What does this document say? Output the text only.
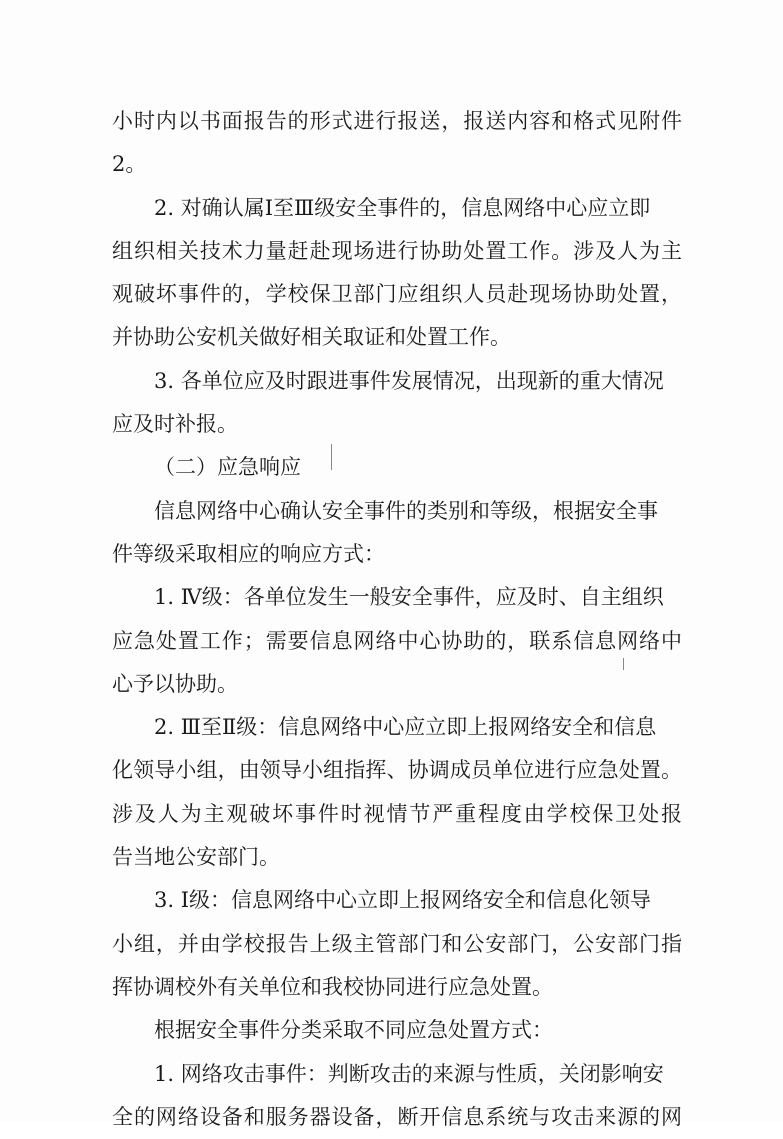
小时内以书面报告的形式进行报送，报送内容和格式见附件
2。
2. 对确认属Ⅰ至Ⅲ级安全事件的，信息网络中心应立即
组织相关技术力量赶赴现场进行协助处置工作。涉及人为主
观破坏事件的，学校保卫部门应组织人员赴现场协助处置，
并协助公安机关做好相关取证和处置工作。
3. 各单位应及时跟进事件发展情况，出现新的重大情况
应及时补报。
（二）应急响应
信息网络中心确认安全事件的类别和等级，根据安全事
件等级采取相应的响应方式：
1. Ⅳ级：各单位发生一般安全事件，应及时、自主组织
应急处置工作；需要信息网络中心协助的，联系信息网络中
心予以协助。
2. Ⅲ至Ⅱ级：信息网络中心应立即上报网络安全和信息
化领导小组，由领导小组指挥、协调成员单位进行应急处置。
涉及人为主观破坏事件时视情节严重程度由学校保卫处报
告当地公安部门。
3. Ⅰ级：信息网络中心立即上报网络安全和信息化领导
小组，并由学校报告上级主管部门和公安部门，公安部门指
挥协调校外有关单位和我校协同进行应急处置。
根据安全事件分类采取不同应急处置方式：
1. 网络攻击事件：判断攻击的来源与性质，关闭影响安
全的网络设备和服务器设备，断开信息系统与攻击来源的网
